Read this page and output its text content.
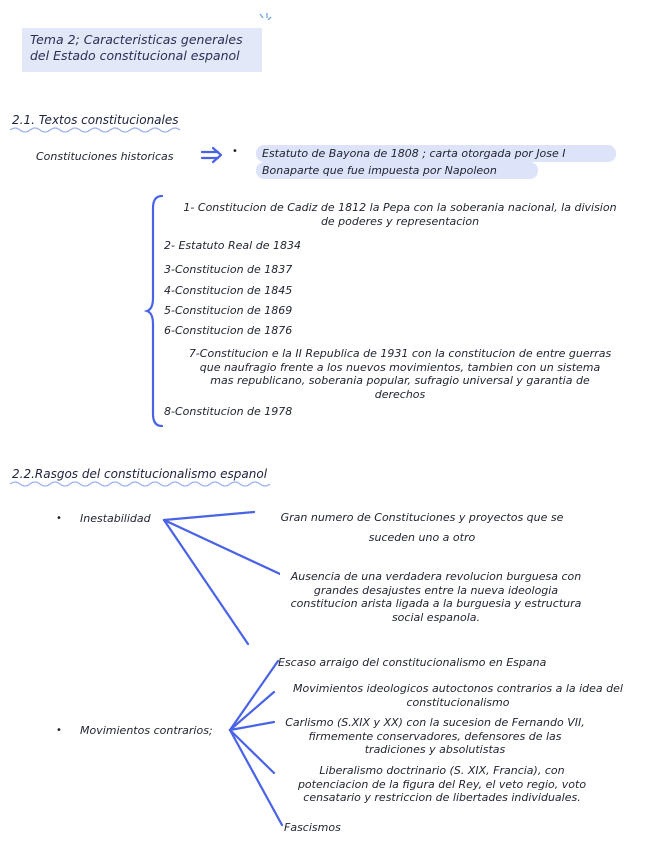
Tema 2; Caracteristicas generales
del Estado constitucional espanol
2.1. Textos constitucionales
Constituciones historicas	• Estatuto de Bayona de 1808 ; carta otorgada por Jose I
Bonaparte que fue impuesta por Napoleon
1- Constitucion de Cadiz de 1812 la Pepa con la soberania nacional, la division
de poderes y representacion
2- Estatuto Real de 1834
3-Constitucion de 1837
4-Constitucion de 1845
5-Constitucion de 1869
6-Constitucion de 1876
7-Constitucion e la II Republica de 1931 con la constitucion de entre guerras
que naufragio frente a los nuevos movimientos, tambien con un sistema
mas republicano, soberania popular, sufragio universal y garantia de
derechos
8-Constitucion de 1978
2.2.Rasgos del constitucionalismo espanol
• Inestabilidad	Gran numero de Constituciones y proyectos que se
suceden uno a otro
Ausencia de una verdadera revolucion burguesa con
grandes desajustes entre la nueva ideologia
constitucion arista ligada a la burguesia y estructura
social espanola.
• Movimientos contrarios;
Escaso arraigo del constitucionalismo en Espana
Movimientos ideologicos autoctonos contrarios a la idea del
constitucionalismo
Carlismo (S.XIX y XX) con la sucesion de Fernando VII,
firmemente conservadores, defensores de las
tradiciones y absolutistas
Liberalismo doctrinario (S. XIX, Francia), con
potenciacion de la figura del Rey, el veto regio, voto
censatario y restriccion de libertades individuales.
Fascismos
